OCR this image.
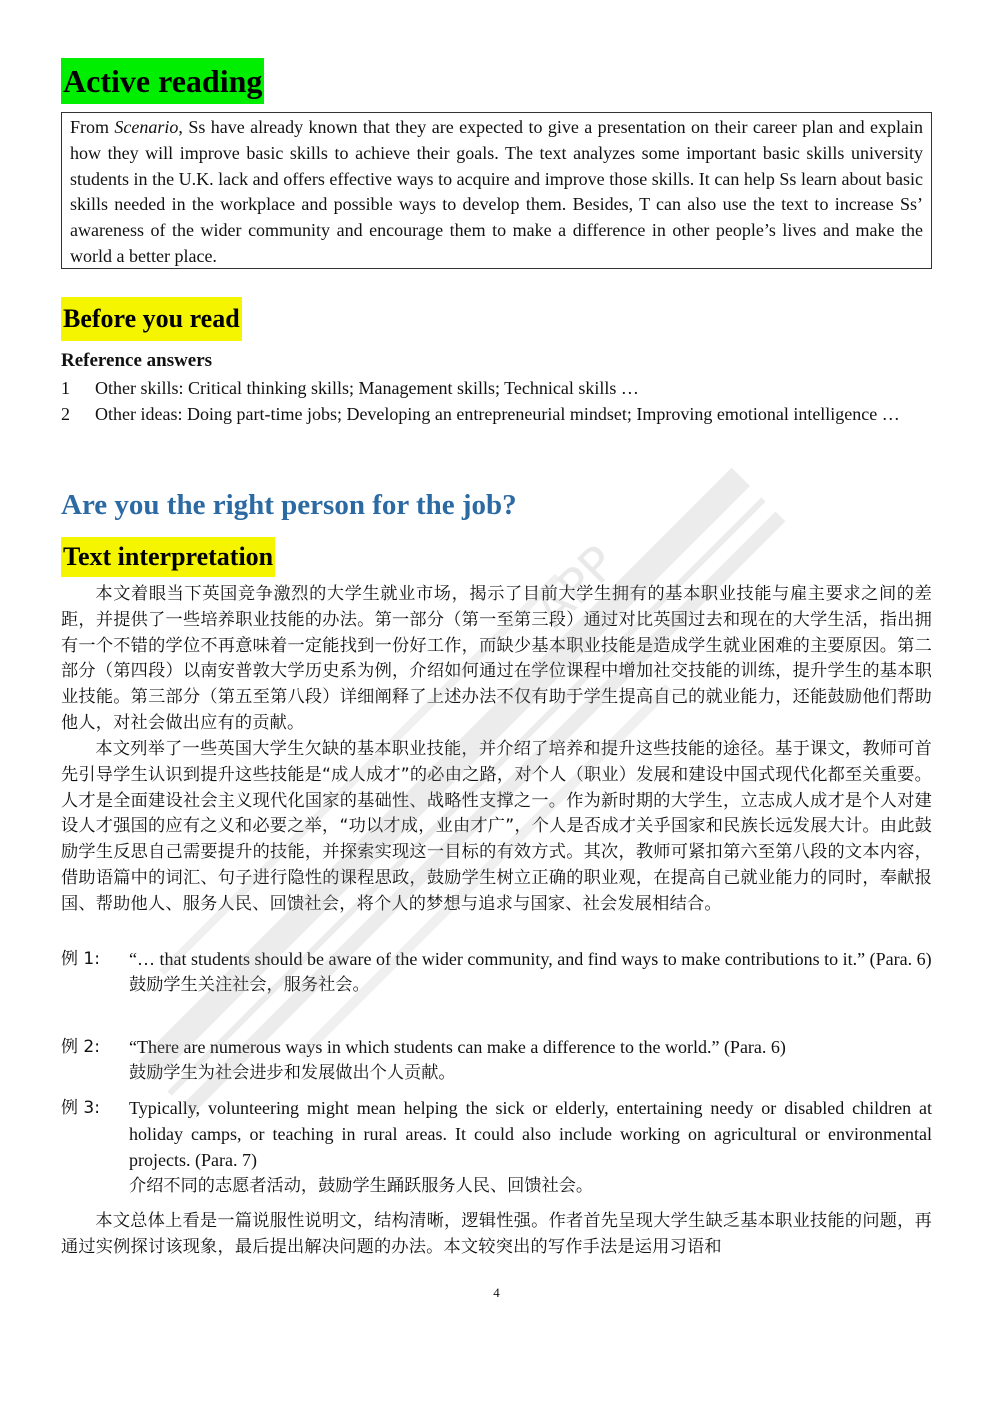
Active reading
From Scenario, Ss have already known that they are expected to give a presentation on their career plan and explain how they will improve basic skills to achieve their goals. The text analyzes some important basic skills university students in the U.K. lack and offers effective ways to acquire and improve those skills. It can help Ss learn about basic skills needed in the workplace and possible ways to develop them. Besides, T can also use the text to increase Ss’ awareness of the wider community and encourage them to make a difference in other people’s lives and make the world a better place.
Before you read
Reference answers
1 Other skills: Critical thinking skills; Management skills; Technical skills …
2 Other ideas: Doing part-time jobs; Developing an entrepreneurial mindset; Improving emotional intelligence …
Are you the right person for the job?
Text interpretation

本文着眼当下英国竞争激烈的大学生就业市场，揭示了目前大学生拥有的基本职业技能与雇主要求之间的差距，并提供了一些培养职业技能的办法。第一部分（第一至第三段）通过对比英国过去和现在的大学生活，指出拥有一个不错的学位不再意味着一定能找到一份好工作，而缺少基本职业技能是造成学生就业困难的主要原因。第二部分（第四段）以南安普敦大学历史系为例，介绍如何通过在学位课程中增加社交技能的训练，提升学生的基本职业技能。第三部分（第五至第八段）详细阐释了上述办法不仅有助于学生提高自己的就业能力，还能鼓励他们帮助他人，对社会做出应有的贡献。

本文列举了一些英国大学生欠缺的基本职业技能，并介绍了培养和提升这些技能的途径。基于课文，教师可首先引导学生认识到提升这些技能是“成人成才”的必由之路，对个人（职业）发展和建设中国式现代化都至关重要。人才是全面建设社会主义现代化国家的基础性、战略性支撑之一。作为新时期的大学生，立志成人成才是个人对建设人才强国的应有之义和必要之举，“功以才成，业由才广”，个人是否成才关乎国家和民族长远发展大计。由此鼓励学生反思自己需要提升的技能，并探索实现这一目标的有效方式。其次，教师可紧扣第六至第八段的文本内容，借助语篇中的词汇、句子进行隐性的课程思政，鼓励学生树立正确的职业观，在提高自己就业能力的同时，奉献报国、帮助他人、服务人民、回馈社会，将个人的梦想与追求与国家、社会发展相结合。

例 1: “… that students should be aware of the wider community, and find ways to make contributions to it.” (Para. 6)
鼓励学生关注社会，服务社会。
例 2: “There are numerous ways in which students can make a difference to the world.” (Para. 6)
鼓励学生为社会进步和发展做出个人贡献。
例 3: Typically, volunteering might mean helping the sick or elderly, entertaining needy or disabled children at holiday camps, or teaching in rural areas. It could also include working on agricultural or environmental projects. (Para. 7)
介绍不同的志愿者活动，鼓励学生踊跃服务人民、回馈社会。

本文总体上看是一篇说服性说明文，结构清晰，逻辑性强。作者首先呈现大学生缺乏基本职业技能的问题，再通过实例探讨该现象，最后提出解决问题的办法。本文较突出的写作手法是运用习语和

4
APP
